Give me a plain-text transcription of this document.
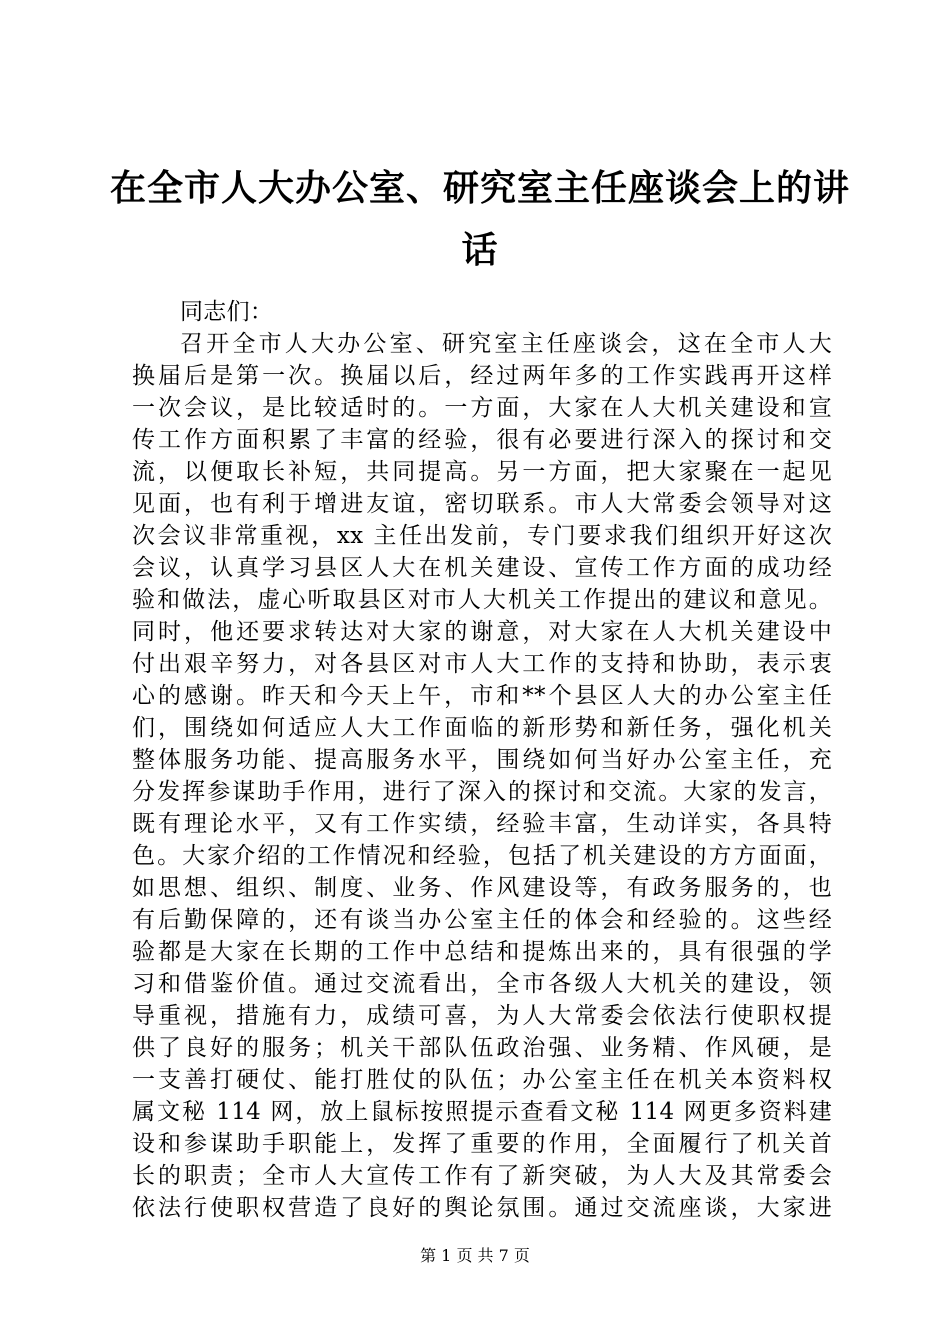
在全市人大办公室、研究室主任座谈会上的讲
话
同志们：
召开全市人大办公室、研究室主任座谈会，这在全市人大
换届后是第一次。换届以后，经过两年多的工作实践再开这样
一次会议，是比较适时的。一方面，大家在人大机关建设和宣
传工作方面积累了丰富的经验，很有必要进行深入的探讨和交
流，以便取长补短，共同提高。另一方面，把大家聚在一起见
见面，也有利于增进友谊，密切联系。市人大常委会领导对这
次会议非常重视，xx 主任出发前，专门要求我们组织开好这次
会议，认真学习县区人大在机关建设、宣传工作方面的成功经
验和做法，虚心听取县区对市人大机关工作提出的建议和意见。
同时，他还要求转达对大家的谢意，对大家在人大机关建设中
付出艰辛努力，对各县区对市人大工作的支持和协助，表示衷
心的感谢。昨天和今天上午，市和**个县区人大的办公室主任
们，围绕如何适应人大工作面临的新形势和新任务，强化机关
整体服务功能、提高服务水平，围绕如何当好办公室主任，充
分发挥参谋助手作用，进行了深入的探讨和交流。大家的发言，
既有理论水平，又有工作实绩，经验丰富，生动详实，各具特
色。大家介绍的工作情况和经验，包括了机关建设的方方面面，
如思想、组织、制度、业务、作风建设等，有政务服务的，也
有后勤保障的，还有谈当办公室主任的体会和经验的。这些经
验都是大家在长期的工作中总结和提炼出来的，具有很强的学
习和借鉴价值。通过交流看出，全市各级人大机关的建设，领
导重视，措施有力，成绩可喜，为人大常委会依法行使职权提
供了良好的服务；机关干部队伍政治强、业务精、作风硬，是
一支善打硬仗、能打胜仗的队伍；办公室主任在机关本资料权
属文秘 114 网，放上鼠标按照提示查看文秘 114 网更多资料建
设和参谋助手职能上，发挥了重要的作用，全面履行了机关首
长的职责；全市人大宣传工作有了新突破，为人大及其常委会
依法行使职权营造了良好的舆论氛围。通过交流座谈，大家进

第 1 页 共 7 页
